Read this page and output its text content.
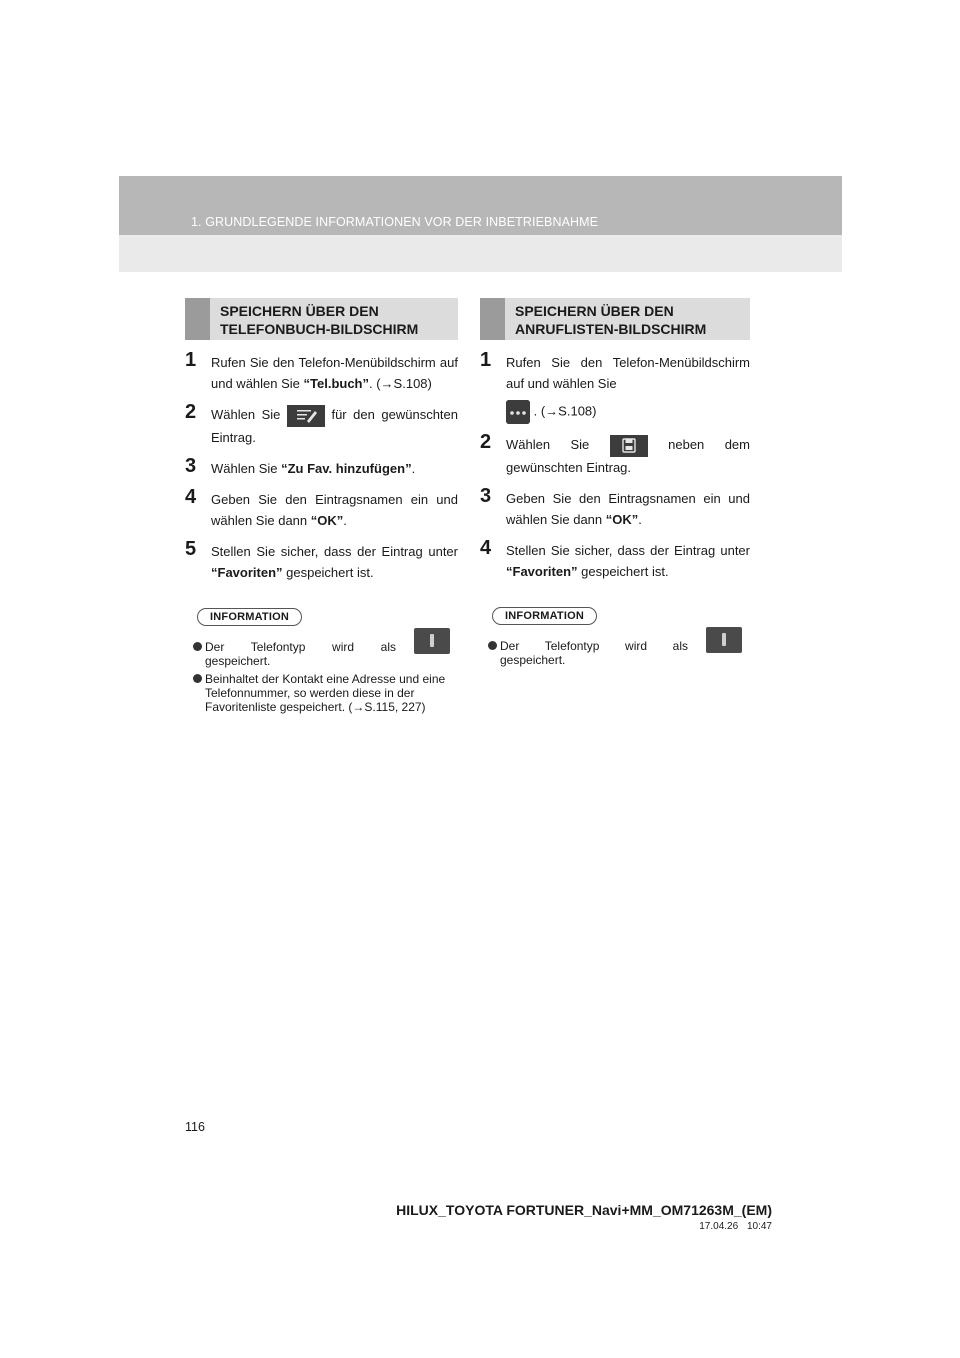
1. GRUNDLEGENDE INFORMATIONEN VOR DER INBETRIEBNAHME
SPEICHERN ÜBER DEN TELEFONBUCH-BILDSCHIRM
1 Rufen Sie den Telefon-Menübildschirm auf und wählen Sie “Tel.buch”. (→S.108)
2 Wählen Sie	für den gewünschten Eintrag.
3 Wählen Sie “Zu Fav. hinzufügen”.
4 Geben Sie den Eintragsnamen ein und wählen Sie dann “OK”.
5 Stellen Sie sicher, dass der Eintrag unter “Favoriten” gespeichert ist.
INFORMATION
Der Telefontyp wird als
gespeichert.
Beinhaltet der Kontakt eine Adresse und eine Telefonnummer, so werden diese in der Favoritenliste gespeichert. (→S.115, 227)
SPEICHERN ÜBER DEN ANRUFLISTEN-BILDSCHIRM
1 Rufen Sie den Telefon-Menübildschirm auf und wählen Sie
. (→S.108)
2 Wählen Sie	neben dem gewünschten Eintrag.
3 Geben Sie den Eintragsnamen ein und wählen Sie dann “OK”.
4 Stellen Sie sicher, dass der Eintrag unter “Favoriten” gespeichert ist.
INFORMATION
Der Telefontyp wird als
gespeichert.
116
HILUX_TOYOTA FORTUNER_Navi+MM_OM71263M_(EM)
17.04.26 10:47
